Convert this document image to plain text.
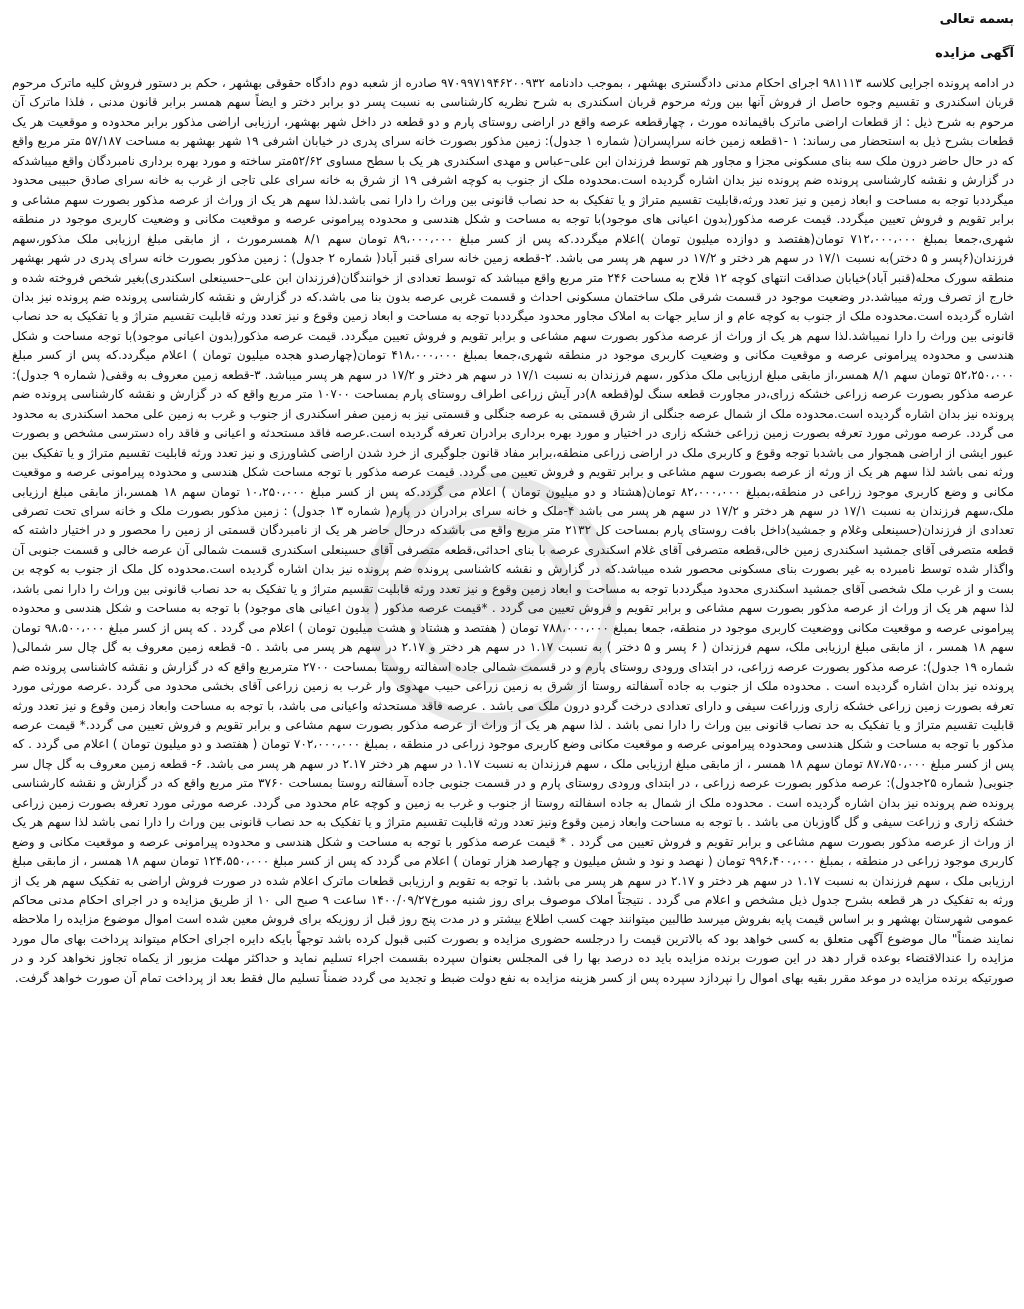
بسمه تعالی

آگهی مزایده

در ادامه پرونده اجرایی کلاسه ۹۸۱۱۱۳ اجرای احکام مدنی دادگستری بهشهر ، بموجب دادنامه ۹۷۰۹۹۷۱۹۴۶۲۰۰۹۳۲ صادره از شعبه دوم دادگاه حقوقی بهشهر ، حکم بر دستور فروش کلیه ماترک مرحوم قربان اسکندری و تقسیم وجوه حاصل از فروش آنها بین ورثه مرحوم قربان اسکندری به شرح نظریه کارشناسی به نسبت پسر دو برابر دختر و ایضاً سهم همسر برابر قانون مدنی ، فلذا ماترک آن مرحوم به شرح ذیل : از قطعات اراضی ماترک باقیمانده مورث ، چهارقطعه عرصه واقع در اراضی روستای پارم و دو قطعه در داخل شهر بهشهر، ارزیابی اراضی مذکور برابر محدوده و موقعیت هر یک قطعات بشرح ذیل به استحضار می رساند: ۱ -۱قطعه زمین خانه سراپسران( شماره ۱ جدول): زمین مذکور بصورت خانه سرای پدری در خیابان اشرفی ۱۹ شهر بهشهر به مساحت ۵۷/۱۸۷ متر مربع واقع که در حال حاضر درون ملک سه بنای مسکونی مجزا و مجاور هم توسط فرزندان ابن علی–عباس و مهدی اسکندری هر یک با سطح مساوی ۵۲/۶۲متر ساخته و مورد بهره برداری نامبردگان واقع میباشدکه در گزارش و نقشه کارشناسی پرونده ضم پرونده نیز بدان اشاره گردیده است.محدوده ملک از جنوب به کوچه اشرفی ۱۹ از شرق به خانه سرای علی تاجی از غرب به خانه سرای صادق حبیبی محدود میگرددبا توجه به مساحت و ابعاد زمین و نیز تعدد ورثه،قابلیت تقسیم متراژ و یا تفکیک به حد نصاب قانونی بین وراث را دارا نمی باشد.لذا سهم هر یک از وراث از عرصه مذکور بصورت سهم مشاعی و برابر تقویم و فروش تعیین میگردد. قیمت عرصه مذکور(بدون اعیانی های موجود)با توجه به مساحت و شکل هندسی و محدوده پیرامونی عرصه و موقعیت مکانی و وضعیت کاربری موجود در منطقه شهری،جمعا بمبلغ ۷۱۲،۰۰۰،۰۰۰ تومان(هفتصد و دوازده میلیون تومان )اعلام میگردد.که پس از کسر مبلغ ۸۹،۰۰۰،۰۰۰ تومان سهم ۸/۱ همسرمورث ، از مابقی مبلغ ارزیابی ملک مذکور،سهم فرزندان(۶پسر و ۵ دختر)به نسبت ۱۷/۱ در سهم هر دختر و ۱۷/۲ در سهم هر پسر می باشد. ۲-قطعه زمین خانه سرای قنبر آباد( شماره ۲ جدول) : زمین مذکور بصورت خانه سرای پدری در شهر بهشهر منطقه سورک محله(قنبر آباد)خیابان صداقت انتهای کوچه ۱۲ فلاح به مساحت ۲۴۶ متر مربع واقع میباشد که توسط تعدادی از خوانندگان(فرزندان ابن علی–حسینعلی اسکندری)بغیر شخص فروخته شده و خارج از تصرف ورثه میباشد.در وضعیت موجود در قسمت شرقی ملک ساختمان مسکونی احداث و قسمت غربی عرصه بدون بنا می باشد.که در گزارش و نقشه کارشناسی پرونده ضم پرونده نیز بدان اشاره گردیده است.محدوده ملک از جنوب به کوچه عام و از سایر جهات به املاک مجاور محدود میگرددبا توجه به مساحت و ابعاد زمین وقوع و نیز تعدد ورثه قابلیت تقسیم متراژ و یا تفکیک به حد نصاب قانونی بین وراث را دارا نمیباشد.لذا سهم هر یک از وراث از عرصه مذکور بصورت سهم مشاعی و برابر تقویم و فروش تعیین میگردد. قیمت عرصه مذکور(بدون اعیانی موجود)با توجه مساحت و شکل هندسی و محدوده پیرامونی عرصه و موقعیت مکانی و وضعیت کاربری موجود در منطقه شهری،جمعا بمبلغ ۴۱۸،۰۰۰،۰۰۰ تومان(چهارصدو هجده میلیون تومان ) اعلام میگردد.که پس از کسر مبلغ ۵۲،۲۵۰،۰۰۰ تومان سهم ۸/۱ همسر،از مابقی مبلغ ارزیابی ملک مذکور ،سهم فرزندان به نسبت ۱۷/۱ در سهم هر دختر و ۱۷/۲ در سهم هر پسر میباشد. ۳-قطعه زمین معروف به وقفی( شماره ۹ جدول): عرصه مذکور بصورت عرصه زراعی خشکه زرای،در مجاورت قطعه سنگ لو(قطعه ۸)در آیش زراعی اطراف روستای پارم بمساحت ۱۰۷۰۰ متر مربع واقع که در گزارش و نقشه کارشناسی پرونده ضم پرونده نیز بدان اشاره گردیده است.محدوده ملک از شمال عرصه جنگلی از شرق قسمتی به عرصه جنگلی و قسمتی نیز به زمین صفر اسکندری از جنوب و غرب به زمین علی محمد اسکندری به محدود می گردد. عرصه مورثی مورد تعرفه بصورت زمین زراعی خشکه زاری در اختیار و مورد بهره برداری برادران تعرفه گردیده است.عرصه فاقد مستحدثه و اعیانی و فاقد راه دسترسی مشخص و بصورت عبور ایشی از اراضی همجوار می باشدبا توجه وقوع و کاربری ملک در اراضی زراعی منطقه،برابر مفاد قانون جلوگیری از خرد شدن اراضی کشاورزی و نیز تعدد ورثه قابلیت تقسیم متراژ و یا تفکیک بین ورثه نمی باشد لذا سهم هر یک از ورثه از عرصه بصورت سهم مشاعی و برابر تقویم و فروش تعیین می گردد. قیمت عرصه مذکور با توجه مساحت شکل هندسی و محدوده پیرامونی عرصه و موقعیت مکانی و وضع کاربری موجود زراعی در منطقه،بمبلغ ۸۲،۰۰۰،۰۰۰ تومان(هشتاد و دو میلیون تومان ) اعلام می گردد.که پس از کسر مبلغ ۱۰،۲۵۰،۰۰۰ تومان سهم ۱۸ همسر،از مابقی مبلغ ارزیابی ملک،سهم فرزندان به نسبت ۱۷/۱ در سهم هر دختر و ۱۷/۲ در سهم هر پسر می باشد ۴-ملک و خانه سرای برادران در پارم( شماره ۱۳ جدول) : زمین مذکور بصورت ملک و خانه سرای تحت تصرفی تعدادی از فرزندان(حسینعلی وغلام و جمشید)داخل بافت روستای پارم بمساحت کل ۲۱۳۲ متر مربع واقع می باشدکه درحال حاضر هر یک از نامبردگان قسمتی از زمین را محصور و در اختیار داشته که قطعه متصرفی آقای جمشید اسکندری زمین خالی،قطعه متصرفی آقای غلام اسکندری عرصه با بنای احداثی،قطعه متصرفی آقای حسینعلی اسکندری قسمت شمالی آن عرصه خالی و قسمت جنوبی آن واگذار شده توسط نامبرده به غیر بصورت بنای مسکونی محصور شده میباشد.که در گزارش و نقشه کاشناسی پرونده ضم پرونده نیز بدان اشاره گردیده است.محدوده کل ملک از جنوب به کوچه بن بست و از غرب ملک شخصی آقای جمشید اسکندری محدود میگرددبا توجه به مساحت و ابعاد زمین وقوع و نیز تعدد ورثه قابلیت تقسیم متراژ و یا تفکیک به حد نصاب قانونی بین وراث را دارا نمی باشد، لذا سهم هر یک از وراث از عرصه مذکور بصورت سهم مشاعی و برابر تقویم و فروش تعیین می گردد . *قیمت عرصه مذکور ( بدون اعیانی های موجود) با توجه به مساحت و شکل هندسی و محدوده پیرامونی عرصه و موقعیت مکانی ووضعیت کاربری موجود در منطقه، جمعا بمبلغ ۷۸۸،۰۰۰،۰۰۰ تومان ( هفتصد و هشتاد و هشت میلیون تومان ) اعلام می گردد . که پس از کسر مبلغ ۹۸،۵۰۰،۰۰۰ تومان سهم ۱۸ همسر ، از مابقی مبلغ ارزیابی ملک، سهم فرزندان ( ۶ پسر و ۵ دختر ) به نسبت ۱.۱۷ در سهم هر دختر و ۲.۱۷ در سهم هر پسر می باشد . ۵- قطعه زمین معروف به گل چال سر شمالی( شماره ۱۹ جدول): عرصه مذکور بصورت عرصه زراعی، در ابتدای ورودی روستای پارم و در قسمت شمالی جاده اسفالته روستا بمساحت ۲۷۰۰ مترمربع واقع که در گزارش و نقشه کاشناسی پرونده ضم پرونده نیز بدان اشاره گردیده است . محدوده ملک از جنوب به جاده آسفالته روستا از شرق به زمین زراعی حبیب مهدوی وار غرب به زمین زراعی آقای بخشی محدود می گردد .عرصه مورثی مورد تعرفه بصورت زمین زراعی خشکه زاری وزراعت سیفی و دارای تعدادی درخت گردو درون ملک می باشد . عرصه فاقد مستحدثه واعیانی می باشد، با توجه به مساحت وابعاد زمین وقوع و نیز تعدد ورثه قابلیت تقسیم متراژ و یا تفکیک به حد نصاب قانونی بین وراث را دارا نمی باشد . لذا سهم هر یک از وراث از عرصه مذکور بصورت سهم مشاعی و برابر تقویم و فروش تعیین می گردد.* قیمت عرصه مذکور با توجه به مساحت و شکل هندسی ومحدوده پیرامونی عرصه و موقعیت مکانی وضع کاربری موجود زراعی در منطقه ، بمبلغ ۷۰۲،۰۰۰،۰۰۰ تومان ( هفتصد و دو میلیون تومان ) اعلام می گردد . که پس از کسر مبلغ ۸۷،۷۵۰،۰۰۰ تومان سهم ۱۸ همسر ، از مابقی مبلغ ارزیابی ملک ، سهم فرزندان به نسبت ۱.۱۷ در سهم هر دختر ۲.۱۷ در سهم هر پسر می باشد. ۶- قطعه زمین معروف به گل چال سر جنوبی( شماره ۲۵جدول): عرصه مذکور بصورت عرصه زراعی ، در ابتدای ورودی روستای پارم و در قسمت جنوبی جاده آسفالته روستا بمساحت ۳۷۶۰ متر مربع واقع که در گزارش و نقشه کارشناسی پرونده ضم پرونده نیز بدان اشاره گردیده است . محدوده ملک از شمال به جاده اسفالته روستا از جنوب و غرب به زمین و کوچه عام محدود می گردد. عرصه مورثی مورد تعرفه بصورت زمین زراعی خشکه زاری و زراعت سیفی و گل گاوزبان می باشد . با توجه به مساحت وابعاد زمین وقوع ونیز تعدد ورثه قابلیت تقسیم متراژ و یا تفکیک به حد نصاب قانونی بین وراث را دارا نمی باشد لذا سهم هر یک از وراث از عرصه مذکور بصورت سهم مشاعی و برابر تقویم و فروش تعیین می گردد . * قیمت عرصه مذکور با توجه به مساحت و شکل هندسی و محدوده پیرامونی عرصه و موقعیت مکانی و وضع کاربری موجود زراعی در منطقه ، بمبلغ ۹۹۶،۴۰۰،۰۰۰ تومان ( نهصد و نود و شش میلیون و چهارصد هزار تومان ) اعلام می گردد که پس از کسر مبلغ ۱۲۴،۵۵۰،۰۰۰ تومان سهم ۱۸ همسر ، از مابقی مبلغ ارزیابی ملک ، سهم فرزندان به نسبت ۱.۱۷ در سهم هر دختر و ۲.۱۷ در سهم هر پسر می باشد. با توجه به تقویم و ارزیابی قطعات ماترک اعلام شده در صورت فروش اراضی به تفکیک سهم هر یک از ورثه به تفکیک در هر قطعه بشرح جدول ذیل مشخص و اعلام می گردد . نتیجتاً املاک موصوف برای روز شنبه مورخ۱۴۰۰/۰۹/۲۷ ساعت ۹ صبح الی ۱۰ از طریق مزایده و در اجرای احکام مدنی محاکم عمومی شهرستان بهشهر و بر اساس قیمت پایه بفروش میرسد طالبین میتوانند جهت کسب اطلاع بیشتر و در مدت پنج روز قبل از روزیکه برای فروش معین شده است اموال موضوع مزایده را ملاحظه نمایند ضمناً" مال موضوع آگهی متعلق به کسی خواهد بود که بالاترین قیمت را درجلسه حضوری مزایده و بصورت کتبی قبول کرده باشد توجهاً بایکه دایره اجرای احکام میتواند پرداخت بهای مال مورد مزایده را عندالاقتضاء بوعده قرار دهد در این صورت برنده مزایده باید ده درصد بها را فی المجلس بعنوان سپرده بقسمت اجراء تسلیم نماید و حداکثر مهلت مزبور از یکماه تجاوز نخواهد کرد و در صورتیکه برنده مزایده در موعد مقرر بقیه بهای اموال را نپردازد سپرده پس از کسر هزینه مزایده به نفع دولت ضبط و تجدید می گردد ضمناً تسلیم مال فقط بعد از پرداخت تمام آن صورت خواهد گرفت.
